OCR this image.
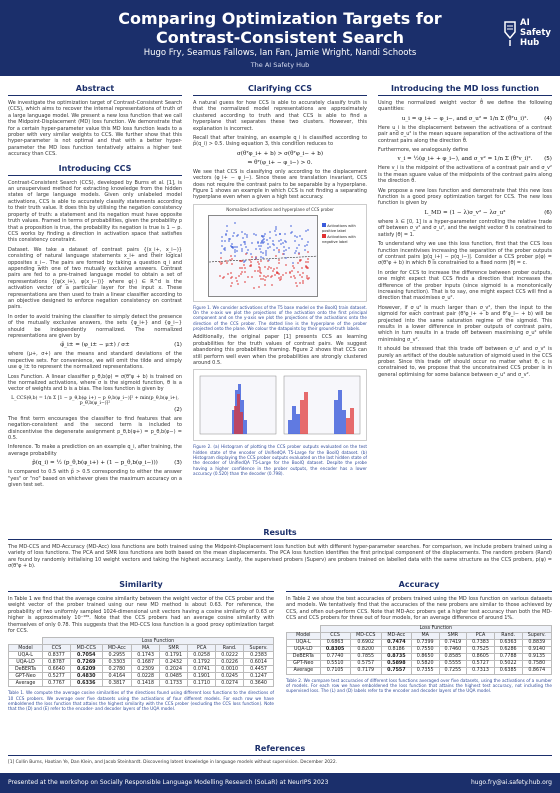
Comparing Optimization Targets for
Contrast-Consistent Search
Hugo Fry, Seamus Fallows, Ian Fan, Jamie Wright, Nandi Schoots
The AI Safety Hub
AI
Safety
Hub
Abstract
We investigate the optimization target of Contrast-Consistent Search (CCS), which aims to recover the internal representations of truth of a large language model. We present a new loss function that we call the Midpoint-Displacement (MD) loss function. We demonstrate that for a certain hyper-parameter value this MD loss function leads to a prober with very similar weights to CCS. We further show that this hyper-parameter is not optimal and that with a better hyper-parameter the MD loss function tentatively attains a higher test accuracy than CCS.
Introducing CCS
Contrast-Consistent Search (CCS), developed by Burns et al. [1], is an unsupervised method for extracting knowledge from the hidden states of large language models. Given only unlabeled model activations, CCS is able to accurately classify statements according to their truth value. It does this by utilising the negation consistency property of truth: a statement and its negation must have opposite truth values. Framed in terms of probabilities, given the probability p that a proposition is true, the probability its negation is true is 1 − p. CCS works by finding a direction in activation space that satisfies this consistency constraint.
Dataset. We take a dataset of contrast pairs {(x_i+, x_i−)} consisting of natural language statements x_i+ and their logical opposites x_i−. The pairs are formed by taking a question q_i and appending with one of two mutually exclusive answers. Contrast pairs are fed to a pre-trained language model to obtain a set of representations {(φ(x_i+), φ(x_i−))} where φ(·) ∈ R^d is the activation vector of a particular layer for the input x. These representations are then used to train a linear classifier according to an objective designed to enforce negation consistency on contrast pairs.
In order to avoid training the classifier to simply detect the presence of the mutually exclusive answers, the sets {φ_i+} and {φ_i−} should be independently normalized. The normalized representations are given by
φ̃_i± = (φ_i± − μ±) / σ±	(1)
where (μ+, σ+) are the means and standard deviations of the respective sets. For convenience, we will omit the tilde and simply use φ_i± to represent the normalized representations.
Loss Function. A linear classifier p_θ,b(φ) = σ(θᵀφ + b) is trained on the normalized activations, where σ is the sigmoid function, θ is a vector of weights and b is a bias. The loss function is given by
L_CCS(θ,b) = 1/n Σ [1 − p_θ,b(φ_i+) − p_θ,b(φ_i−)]² + min(p_θ,b(φ_i+), p_θ,b(φ_i−))²
(2)

The first term encourages the classifier to find features that are negation-consistent and the second term is included to disincentivise the degenerate assignment p_θ,b(φ+) = p_θ,b(φ−) = 0.5.
Inference. To make a prediction on an example q_i, after training, the average probability
p̃(q_i) = ½ (p_θ,b(φ_i+) + (1 − p_θ,b(φ_i−)))	(3)
is compared to 0.5 with p̃ > 0.5 corresponding to either the answer "yes" or "no" based on whichever gives the maximum accuracy on a given test set.
Clarifying CCS
A natural guess for how CCS is able to accurately classify truth is that the normalized model representations are approximately clustered according to truth and that CCS is able to find a hyperplane that separates these two clusters. However, this explanation is incorrect.
Recall that after training, an example q_i is classified according to p̃(q_i) > 0.5. Using equation 3, this condition reduces to
σ(θᵀφ_i+ + b) > σ(θᵀφ_i− + b)
⇒ θᵀ(φ_i+ − φ_i−) > 0.
We see that CCS is classifying only according to the displacement vectors (φ_i+ − φ_i−). Since these are translation invariant, CCS does not require the contrast pairs to be separable by a hyperplane. Figure 1 shows an example in which CCS is not finding a separating hyperplane even when a given a high test accuracy.
Normalized activations and hyperplane of CCS prober
Activations with positive label
Activations with negative label
Figure 1. We consider activations of the T5 base model on the BoolQ train dataset. On the x-axis we plot the projections of the activation onto the first principal component and on the y-axis we plot the projections of the activations onto the direction of the CCS prober. The dotted line is the hyperplane of the prober projected onto the plane. We colour the datapoints by their ground-truth labels.
Additionally, the original paper [1] presents CCS as learning probabilities for the truth values of contrast pairs. We suggest abandoning this probabilities framing. Figure 2 shows that CCS can still perform well even when the probabilities are strongly clustered around 0.5.
Figure 2. (a) Histogram of plotting the CCS prober outputs evaluated on the test hidden state of the encoder of UnifiedQA T5-Large for the BoolQ dataset. (b) Histogram displaying the CCS prober outputs evaluated on the last hidden state of the decoder of UnifiedQA T5-Large for the BoolQ dataset. Despite the probe having a higher confidence in the prober outputs, the encoder has a lower accuracy (0.520) than the decoder (0.798).
Introducing the MD loss function
Using the normalized weight vector θ̂ we define the following quantities:
u_i = φ_i+ − φ_i−, and σ_u² = 1/n Σ (θ̂ᵀu_i)².	(4)
Here u_i is the displacement between the activations of a contrast pair and σ_u² is the mean square separation of the activations of the contrast pairs along the direction θ̂.
Furthermore, we analogously define
v_i = ½(φ_i+ + φ_i−), and σ_v² = 1/n Σ (θ̂ᵀv_i)². (5)
Here v_i is the midpoint of the activations of a contrast pair and σ_v² is the mean square value of the midpoints of the contrast pairs along the direction θ̂.
We propose a new loss function and demonstrate that this new loss function is a good proxy optimization target for CCS. The new loss function is given by
L_MD = (1 − λ)σ_v² − λσ_u²	(6)
where λ ∈ [0, 1] is a hyper-parameter controlling the relative trade off between σ_v² and σ_u², and the weight vector θ is constrained to satisfy |θ| = 1.
To understand why we use this loss function, first that the CCS loss function incentivises increasing the separation of the prober outputs of contrast pairs |p(q_i+) − p(q_i−)|. Consider a CCS prober p(φ) = σ(θᵀφ + b) in which θ is constrained to a fixed norm |θ| = c.
In order for CCS to increase the difference between prober outputs, one might expect that CCS finds a direction that increases the difference of the prober inputs (since sigmoid is a monotonically increasing function). That is to say, one might expect CCS will find a direction that maximises σ_u².
However, if σ_u² is much larger than σ_v², then the input to the sigmoid for each contrast pair (θᵀφ_i+ + b and θᵀφ_i− + b) will be projected into the same saturation regime of the sigmoid. This results in a lower difference in prober outputs of contrast pairs, which in turn results in a trade off between maximising σ_u² while minimising σ_v².
It should be stressed that this trade off between σ_u² and σ_v² is purely an artifact of the double saturation of sigmoid used in the CCS prober. Since this trade off should occur no matter what θ, c is constrained to, we propose that the unconstrained CCS prober is in general optimising for some balance between σ_u² and σ_v².
Results
The MD-CCS and MD-Accuracy (MD-Acc) loss functions are both trained using the Midpoint-Displacement loss function but with different hyper-parameter searches. For comparison, we include probers trained using a variety of loss functions. The PCA and SMR loss functions are both based on the mean displacements. The PCA loss function identifies the first principal component of the displacements. The random probers (Rand) are found by randomly initialising 10 weight vectors and taking the highest accuracy. Lastly, the supervised probers (Superv) are probers trained on labelled data with the same structure as the CCS probers, p(φ) = σ(θᵀφ + b).
Similarity
In Table 1 we find that the average cosine similarity between the weight vector of the CCS prober and the weight vector of the prober trained using our new MD method is about 0.63. For reference, the probability of two uniformly sampled 1024-dimensional unit vectors having a cosine similarity of 0.63 or higher is approximately 10⁻¹⁸⁹. Note that the CCS probers had an average cosine similarity with themselves of only 0.78. This suggests that the MD-CCS loss function is a good proxy optimization target for CCS.
	Loss Function							
Model	CCS	MD-CCS	MD-Acc	MA	SMR	PCA	Rand.	Superv.
UQA-L	0.8377	0.7054	0.2955	0.1743	0.1791	0.0258	0.0222	0.2383
UQA-LD	0.8787	0.7269	0.3303	0.1687	0.2432	0.1792	0.0226	0.6014
DeBERTa	0.6640	0.6209	0.2780	0.2309	0.2024	0.0741	0.0010	0.4457
GPT-Neo	0.5277	0.4830	0.4164	0.0228	0.0485	0.1901	0.0245	0.1247
Average	0.7767	0.6336	0.3817	0.1418	0.1733	0.1710	0.0274	0.3640
Table 1. We compute the average cosine similarities of the directions found using different loss functions to the directions of 10 CCS probers. We average over five datasets using the activations of four different models. For each row we have emboldened the loss function that attains the highest similarity with the CCS prober (excluding the CCS loss function). Note that the (D) and (E) refer to the encoder- and decoder layers of the UQA model.
Accuracy
In Table 2 we show the test accuracies of probers trained using the MD loss function on various datasets and models. We tentatively find that the accuracies of the new probers are similar to those achieved by CCS, and often out-perform CCS. Note that MD-Acc probers get a higher test accuracy than both the MD-CCS and CCS probers for three out of four models, for an average difference of around 1%.
	Loss Function							
Model	CCS	MD-CCS	MD-Acc	MA	SMR	PCA	Rand.	Superv.
UQA-L	0.6863	0.6902	0.7474	0.7399	0.7419	0.7383	0.6363	0.8839
UQA-LD	0.8305	0.8200	0.8186	0.7550	0.7460	0.7525	0.6286	0.9140
DeBERTa	0.7740	0.7855	0.8735	0.8650	0.8585	0.8605	0.7788	0.9135
GPT-Neo	0.5510	0.5757	0.5898	0.5820	0.5555	0.5727	0.5022	0.7580
Average	0.7105	0.7179	0.7557	0.7355	0.7255	0.7313	0.6385	0.8674
Table 2. We compare test accuracies of different loss functions averaged over five datasets, using the activations of a number of models. For each row we have emboldened the loss function that attains the highest test accuracy, not including the supervised loss. The (L) and (D) labels refer to the encoder and decoder layers of the UQA model.
References
[1] Collin Burns, Haotian Ye, Dan Klein, and Jacob Steinhardt. Discovering latent knowledge in language models without supervision. December 2022.
Presented at the workshop on Socially Responsible Language Modelling Research (SoLaR) at NeurIPS 2023	hugo.fry@ai.safety.hub.org
